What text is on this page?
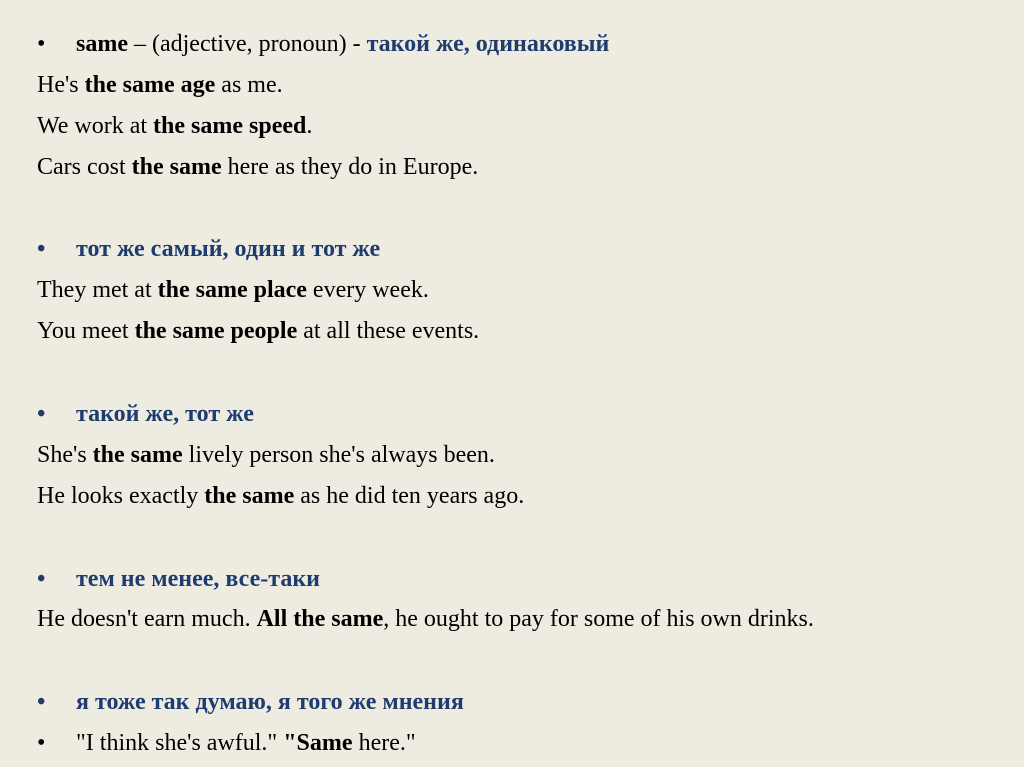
• same – (adjective, pronoun) - такой же, одинаковый
He's the same age as me.
We work at the same speed.
Cars cost the same here as they do in Europe.
• тот же самый, один и тот же
They met at the same place every week.
You meet the same people at all these events.
• такой же, тот же
She's the same lively person she's always been.
He looks exactly the same as he did ten years ago.
• тем не менее, все-таки
He doesn't earn much. All the same, he ought to pay for some of his own drinks.
• я тоже так думаю, я того же мнения
• "I think she's awful." "Same here."
